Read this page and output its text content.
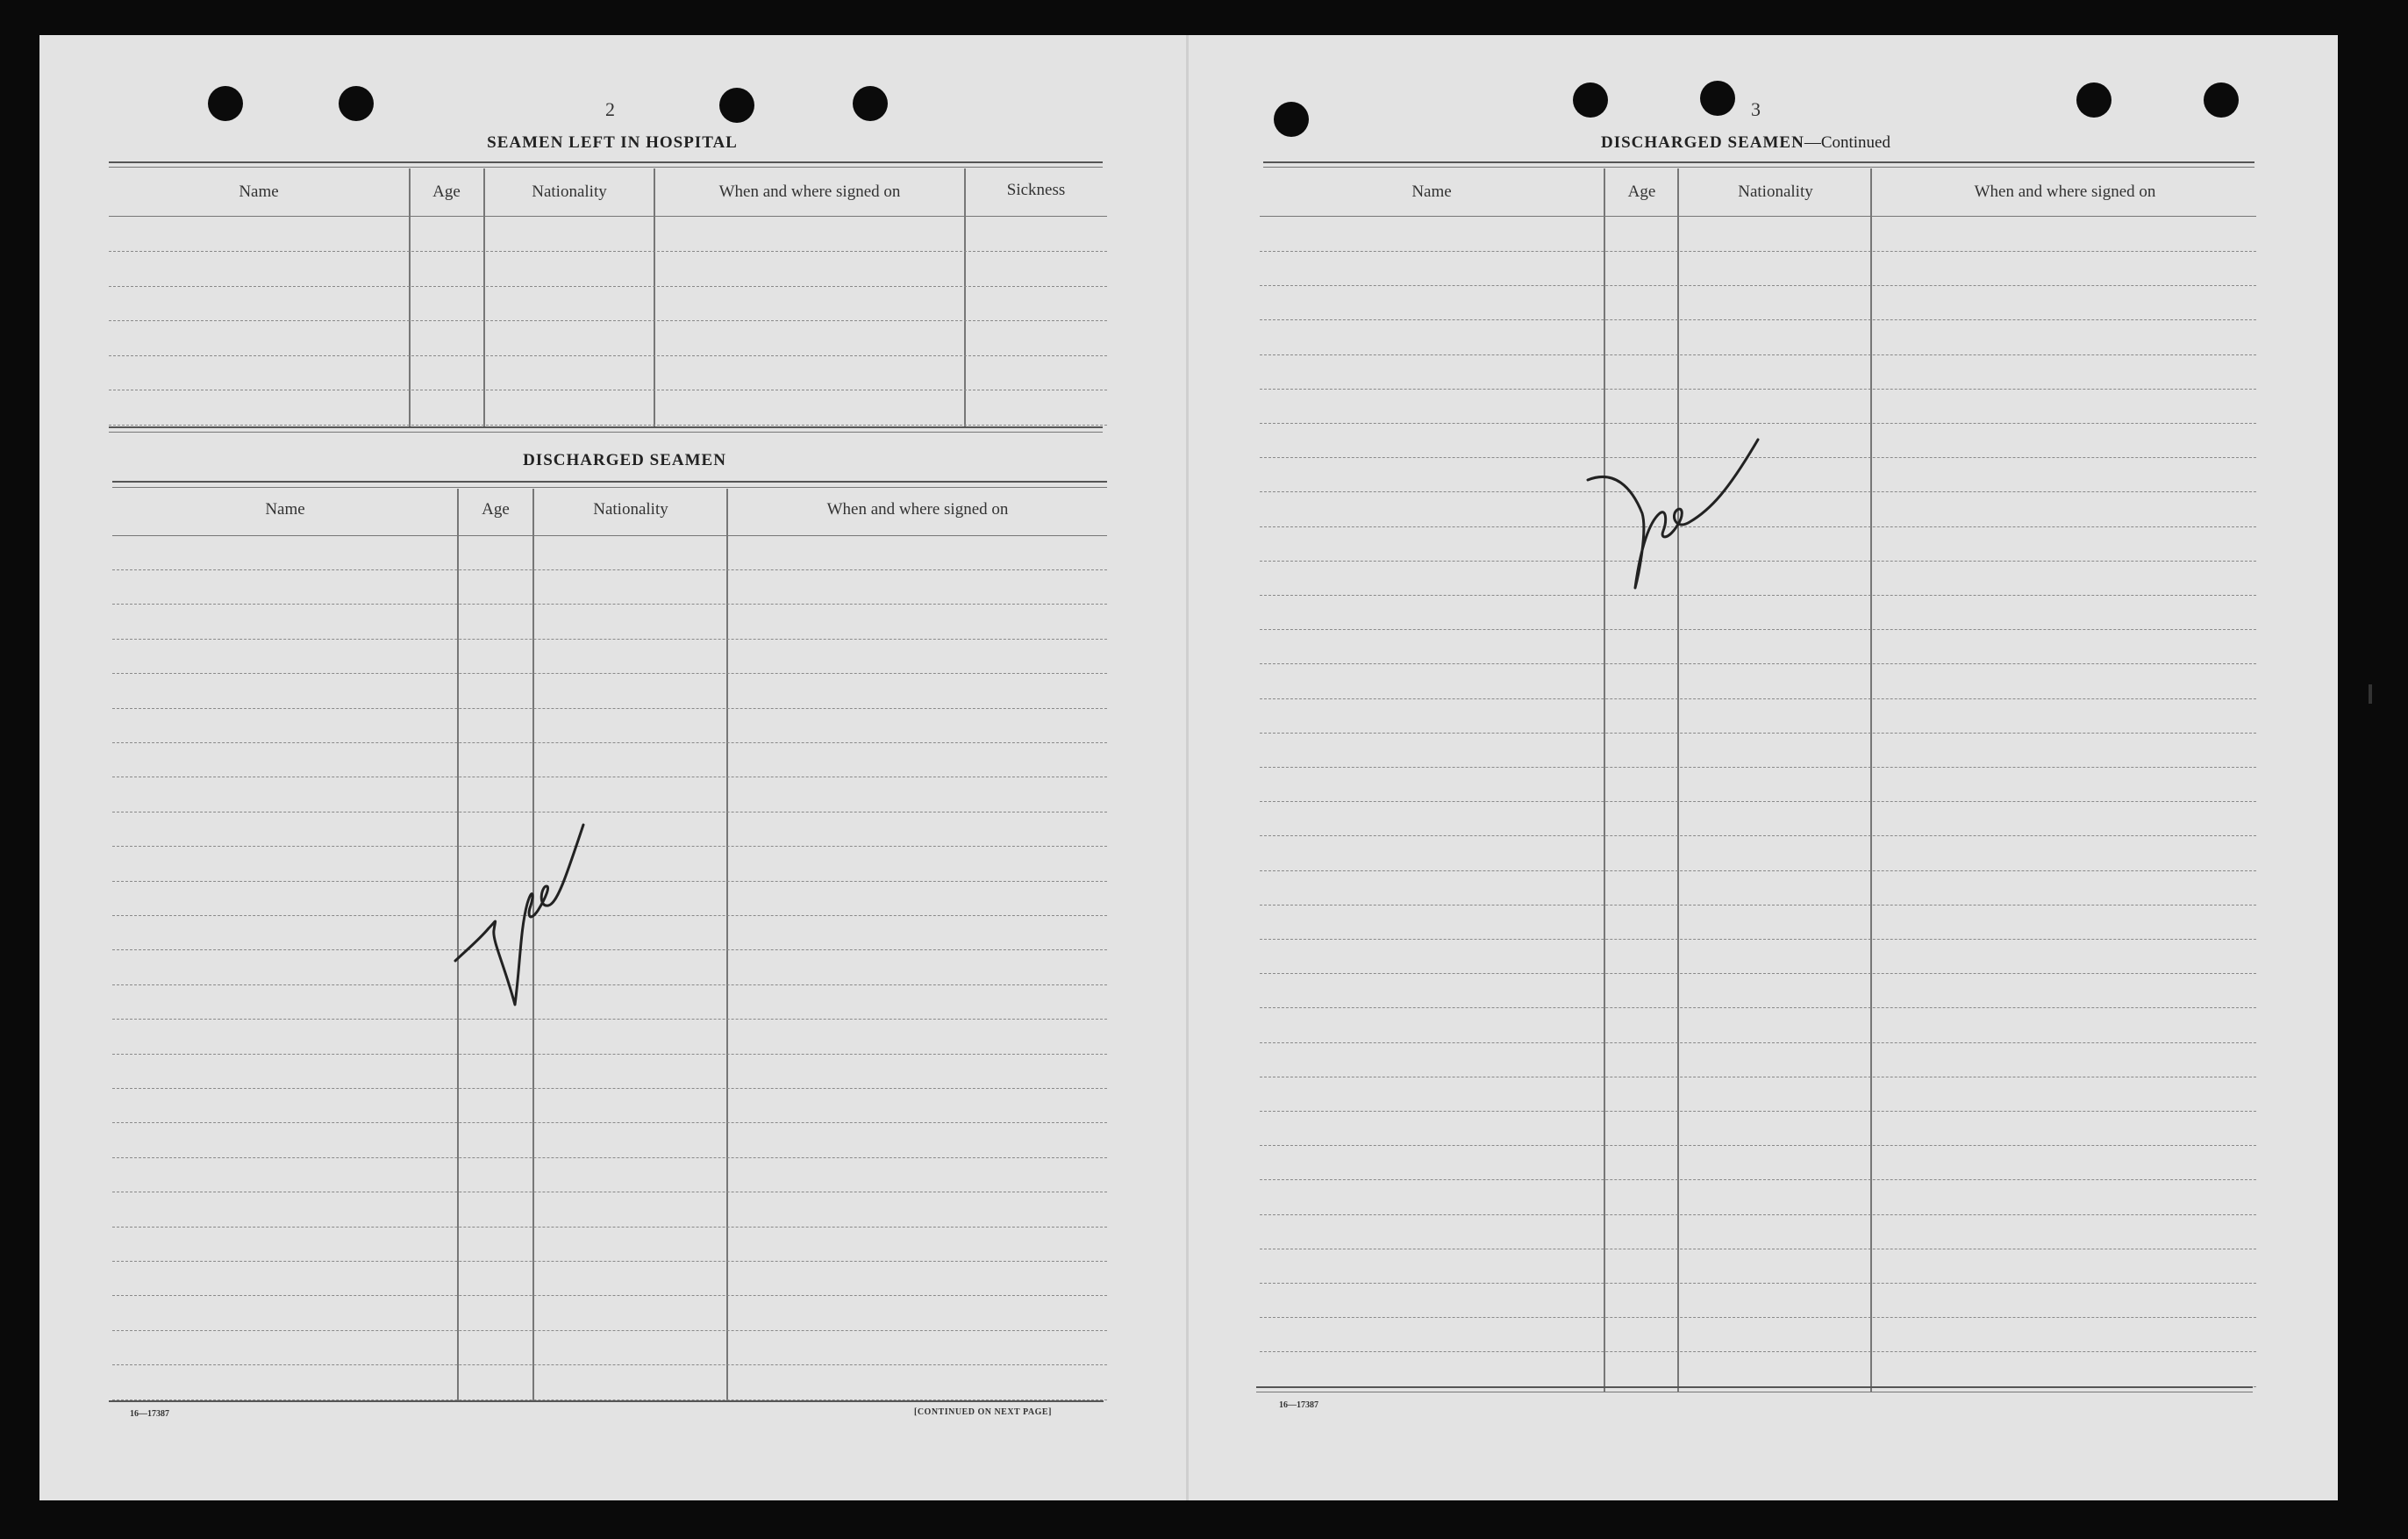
2
SEAMEN LEFT IN HOSPITAL
Name	Age	Nationality	When and where signed on	Sickness
DISCHARGED SEAMEN
Name	Age	Nationality	When and where signed on
16—17387	[CONTINUED ON NEXT PAGE]

3
DISCHARGED SEAMEN—Continued
Name	Age	Nationality	When and where signed on
16—17387
